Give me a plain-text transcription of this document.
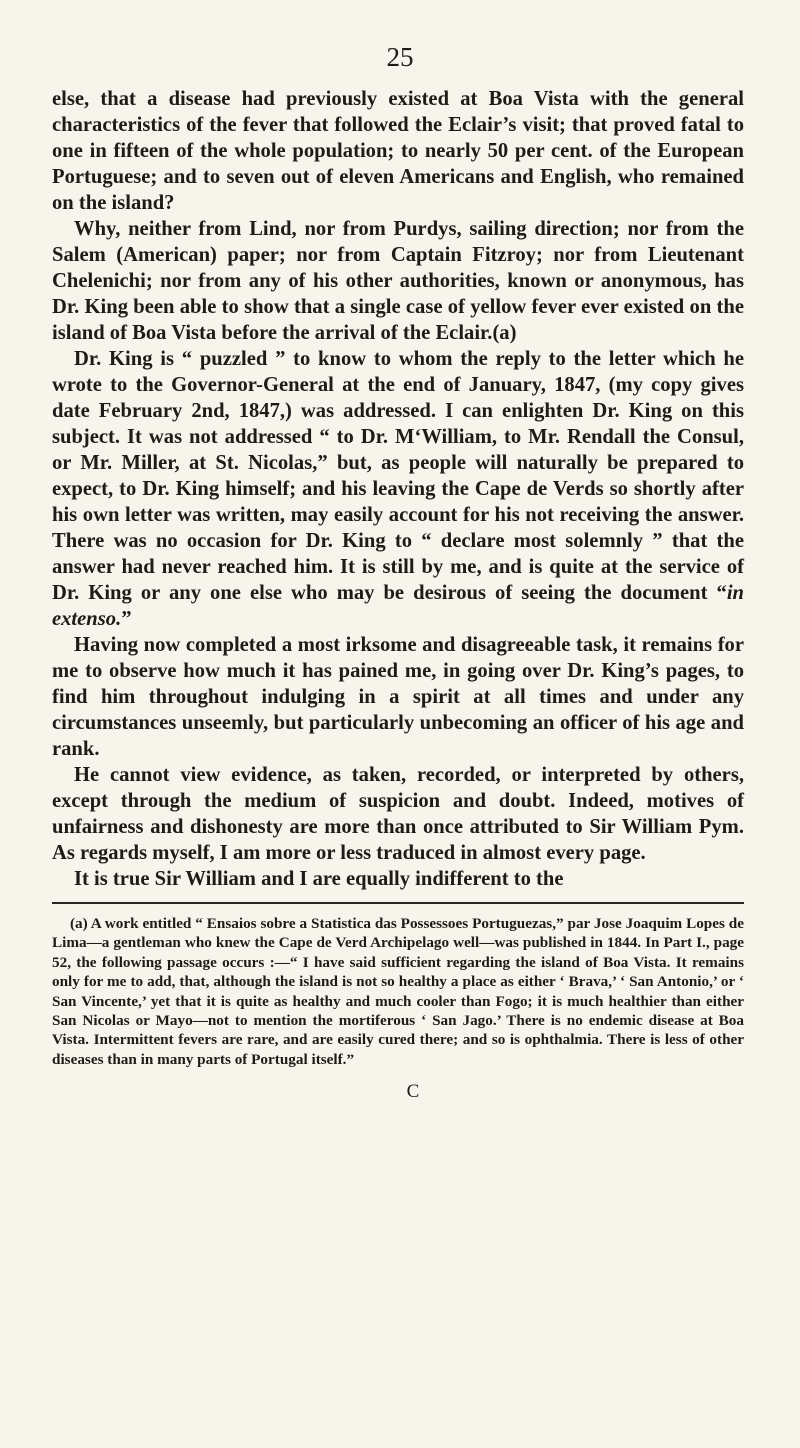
25

else, that a disease had previously existed at Boa Vista with the general characteristics of the fever that followed the Eclair’s visit; that proved fatal to one in fifteen of the whole population; to nearly 50 per cent. of the European Portuguese; and to seven out of eleven Americans and English, who remained on the island?

Why, neither from Lind, nor from Purdys, sailing direction; nor from the Salem (American) paper; nor from Captain Fitzroy; nor from Lieutenant Chelenichi; nor from any of his other authorities, known or anonymous, has Dr. King been able to show that a single case of yellow fever ever existed on the island of Boa Vista before the arrival of the Eclair.(a)

Dr. King is “ puzzled ” to know to whom the reply to the letter which he wrote to the Governor-General at the end of January, 1847, (my copy gives date February 2nd, 1847,) was addressed. I can enlighten Dr. King on this subject. It was not addressed “ to Dr. M‘William, to Mr. Rendall the Consul, or Mr. Miller, at St. Nicolas,” but, as people will naturally be prepared to expect, to Dr. King himself; and his leaving the Cape de Verds so shortly after his own letter was written, may easily account for his not receiving the answer. There was no occasion for Dr. King to “ declare most solemnly ” that the answer had never reached him. It is still by me, and is quite at the service of Dr. King or any one else who may be desirous of seeing the document “in extenso.”

Having now completed a most irksome and disagreeable task, it remains for me to observe how much it has pained me, in going over Dr. King’s pages, to find him throughout indulging in a spirit at all times and under any circumstances unseemly, but particularly unbecoming an officer of his age and rank.

He cannot view evidence, as taken, recorded, or interpreted by others, except through the medium of suspicion and doubt. Indeed, motives of unfairness and dishonesty are more than once attributed to Sir William Pym. As regards myself, I am more or less traduced in almost every page.

It is true Sir William and I are equally indifferent to the

(a) A work entitled “ Ensaios sobre a Statistica das Possessoes Portuguezas,” par Jose Joaquim Lopes de Lima—a gentleman who knew the Cape de Verd Archipelago well—was published in 1844. In Part I., page 52, the following passage occurs :—“ I have said sufficient regarding the island of Boa Vista. It remains only for me to add, that, although the island is not so healthy a place as either ‘ Brava,’ ‘ San Antonio,’ or ‘ San Vincente,’ yet that it is quite as healthy and much cooler than Fogo; it is much healthier than either San Nicolas or Mayo—not to mention the mortiferous ‘ San Jago.’ There is no endemic disease at Boa Vista. Intermittent fevers are rare, and are easily cured there; and so is ophthalmia. There is less of other diseases than in many parts of Portugal itself.”

C
